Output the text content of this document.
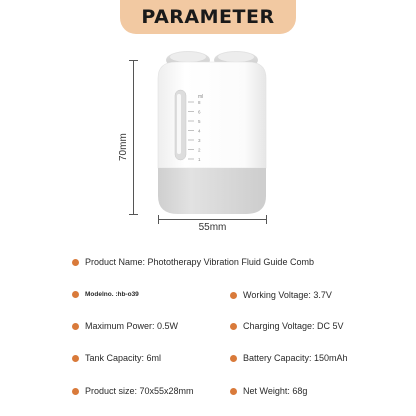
PARAMETER
8
6
5
4
3
2
1
ml
70mm
55mm
Product Name: Phototherapy Vibration Fluid Guide Comb
Modelno. :hb-o39	Working Voltage: 3.7V
Maximum Power: 0.5W	Charging Voltage: DC 5V
Tank Capacity: 6ml	Battery Capacity: 150mAh
Product size: 70x55x28mm	Net Weight: 68g
